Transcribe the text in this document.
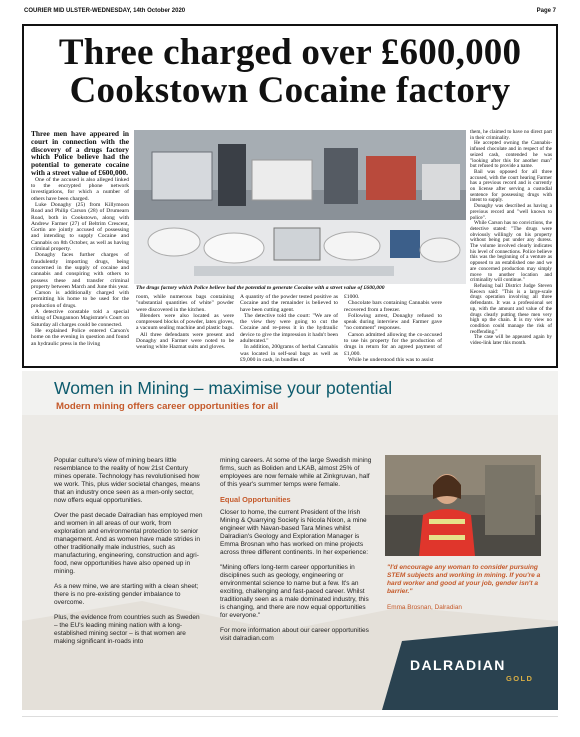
COURIER MID ULSTER-WEDNESDAY, 14th October 2020	Page 7
Three charged over £600,000
Cookstown Cocaine factory

Three men have appeared in court in connection with the discovery of a drugs factory which Police believe had the potential to generate cocaine with a street value of £600,000.

One of the accused is also alleged linked to the encrypted phone network investigations, for which a number of others have been charged.

Luke Donaghy (25) from Killymoon Road and Philip Carson (28) of Drumearn Road, both in Cookstown, along with Andrew Farmer (27) of Beltrim Crescent, Gortin are jointly accused of possessing and intending to supply Cocaine and Cannabis on 8th October, as well as having criminal property.

Donaghy faces further charges of fraudulently importing drugs, being concerned in the supply of cocaine and cannabis and conspiring with others to possess these and transfer criminal property between March and June this year.

Carson is additionally charged with permitting his home to be used for the production of drugs.

A detective constable told a special sitting of Dungannon Magistrate's Court on Saturday all charges could be connected.

He explained Police entered Carson's home on the evening in question and found an hydraulic press in the living

The drugs factory which Police believe had the potential to generate Cocaine with a street value of £600,000

room, while numerous bags containing "substantial quantities of white" powder were discovered in the kitchen.

Blenders were also located as were compressed blocks of powder, latex gloves, a vacuum sealing machine and plastic bags.

All three defendants were present and Donaghy and Farmer were noted to be wearing white Hazmat suits and gloves.

A quantity of the powder tested positive as Cocaine and the remainder is believed to have been cutting agent.

The detective told the court: "We are of the view they were going to cut the Cocaine and re-press it in the hydraulic device to give the impression it hadn't been adulterated."

In addition, 200grams of herbal Cannabis was located in self-seal bags as well as £9,000 in cash, in bundles of

£1000.

Chocolate bars containing Cannabis were recovered from a freezer.

Following arrest, Donaghy refused to speak during interview and Farmer gave "no comment" responses.

Carson admitted allowing the co-accused to use his property for the production of drugs in return for an agreed payment of £1,000.

While he understood this was to assist

them, he claimed to have no direct part in their criminality.

He accepted owning the Cannabis-infused chocolate and in respect of the seized cash, contended he was "looking after this for another man" but refused to provide a name.

Bail was opposed for all three accused, with the court hearing Farmer has a previous record and is currently on license after serving a custodial sentence for possessing drugs with intent to supply.

Donaghy was described as having a previous record and "well known to police".

While Carson has no convictions, the detective stated: "The drugs were obviously willingly on his property without being put under any duress. The volume involved clearly indicates his level of connections. Police believe this was the beginning of a venture as opposed to an established one and we are concerned production may simply move to another location and criminality will continue."

Refusing bail District Judge Steven Keown said: "This is a large-scale drugs operation involving all three defendants. It was a professional set up, with the amount and value of the drugs clearly putting these men very high up the chain. It is my view no condition could manage the risk of reoffending."

The case will be appeared again by video-link later this month.

Women in Mining – maximise your potential
Modern mining offers career opportunities for all

Popular culture's view of mining bears little resemblance to the reality of how 21st Century mines operate. Technology has revolutionised how we work. This, plus wider societal changes, means that an industry once seen as a men-only sector, now offers equal opportunities.

Over the past decade Dalradian has employed men and women in all areas of our work, from exploration and environmental protection to senior management. And as women have made strides in other traditionally male industries, such as manufacturing, engineering, construction and agri-food, new opportunities have also opened up in mining.

As a new mine, we are starting with a clean sheet; there is no pre-existing gender imbalance to overcome.

Plus, the evidence from countries such as Sweden – the EU's leading mining nation with a long-established mining sector – is that women are making significant in-roads into

mining careers. At some of the large Swedish mining firms, such as Boliden and LKAB, almost 25% of employees are now female while at Zinkgruvan, half of this year's summer temps were female.

Equal Opportunities

Closer to home, the current President of the Irish Mining & Quarrying Society is Nicola Nixon, a mine engineer with Navan-based Tara Mines whilst Dalradian's Geology and Exploration Manager is Emma Brosnan who has worked on mine projects across three different continents. In her experience:

"Mining offers long-term career opportunities in disciplines such as geology, engineering or environmental science to name but a few. It's an exciting, challenging and fast-paced career. Whilst traditionally seen as a male dominated industry, this is changing, and there are now equal opportunities for everyone."

For more information about our career opportunities visit dalradian.com

"I'd encourage any woman to consider pursuing STEM subjects and working in mining. If you're a hard worker and good at your job, gender isn't a barrier."
Emma Brosnan, Dalradian
DALRADIAN
GOLD
